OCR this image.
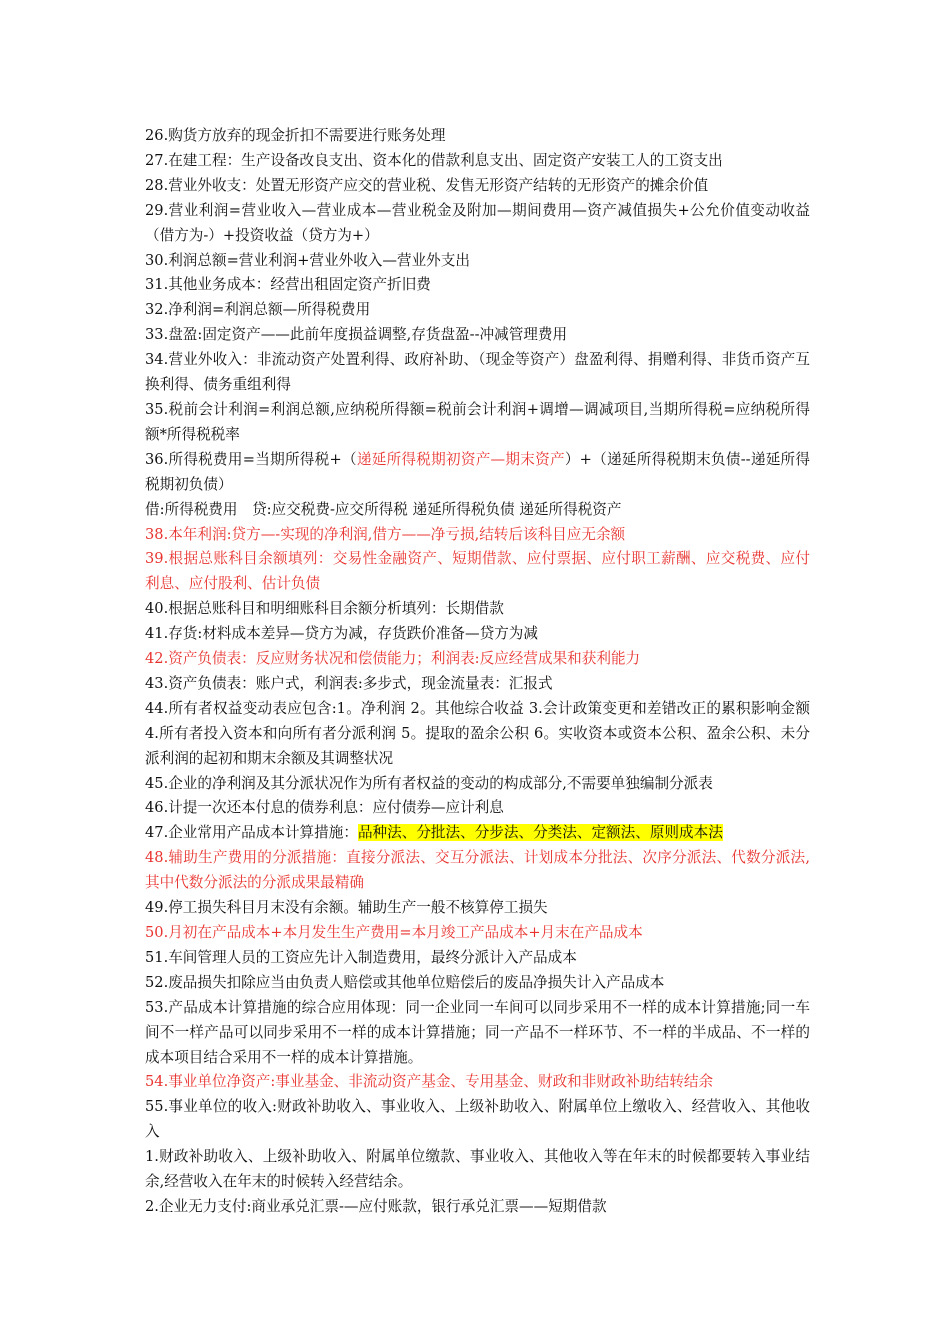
26.购货方放弃的现金折扣不需要进行账务处理

27.在建工程：生产设备改良支出、资本化的借款利息支出、固定资产安装工人的工资支出

28.营业外收支：处置无形资产应交的营业税、发售无形资产结转的无形资产的摊余价值

29.营业利润=营业收入—营业成本—营业税金及附加—期间费用—资产减值损失+公允价值变动收益（借方为-）+投资收益（贷方为+）

30.利润总额=营业利润+营业外收入—营业外支出

31.其他业务成本：经营出租固定资产折旧费

32.净利润=利润总额—所得税费用

33.盘盈:固定资产——此前年度损益调整,存货盘盈--冲减管理费用

34.营业外收入：非流动资产处置利得、政府补助、（现金等资产）盘盈利得、捐赠利得、非货币资产互换利得、债务重组利得

35.税前会计利润=利润总额,应纳税所得额=税前会计利润+调增—调减项目,当期所得税=应纳税所得额*所得税税率

36.所得税费用=当期所得税+（递延所得税期初资产—期末资产）+（递延所得税期末负债--递延所得税期初负债）

借:所得税费用　贷:应交税费-应交所得税 递延所得税负债 递延所得税资产

38.本年利润:贷方—-实现的净利润,借方——净亏损,结转后该科目应无余额

39.根据总账科目余额填列：交易性金融资产、短期借款、应付票据、应付职工薪酬、应交税费、应付利息、应付股利、估计负债

40.根据总账科目和明细账科目余额分析填列：长期借款

41.存货:材料成本差异—贷方为减，存货跌价准备—贷方为减

42.资产负债表：反应财务状况和偿债能力；利润表:反应经营成果和获利能力

43.资产负债表：账户式，利润表:多步式，现金流量表：汇报式

44.所有者权益变动表应包含:1。净利润 2。其他综合收益 3.会计政策变更和差错改正的累积影响金额 4.所有者投入资本和向所有者分派利润 5。提取的盈余公积 6。实收资本或资本公积、盈余公积、未分派利润的起初和期末余额及其调整状况

45.企业的净利润及其分派状况作为所有者权益的变动的构成部分,不需要单独编制分派表

46.计提一次还本付息的债券利息：应付债券—应计利息

47.企业常用产品成本计算措施：品种法、分批法、分步法、分类法、定额法、原则成本法

48.辅助生产费用的分派措施：直接分派法、交互分派法、计划成本分批法、次序分派法、代数分派法,其中代数分派法的分派成果最精确

49.停工损失科目月末没有余额。辅助生产一般不核算停工损失

50.月初在产品成本+本月发生生产费用=本月竣工产品成本+月末在产品成本

51.车间管理人员的工资应先计入制造费用，最终分派计入产品成本

52.废品损失扣除应当由负责人赔偿或其他单位赔偿后的废品净损失计入产品成本

53.产品成本计算措施的综合应用体现：同一企业同一车间可以同步采用不一样的成本计算措施;同一车间不一样产品可以同步采用不一样的成本计算措施；同一产品不一样环节、不一样的半成品、不一样的成本项目结合采用不一样的成本计算措施。

54.事业单位净资产:事业基金、非流动资产基金、专用基金、财政和非财政补助结转结余

55.事业单位的收入:财政补助收入、事业收入、上级补助收入、附属单位上缴收入、经营收入、其他收入

1.财政补助收入、上级补助收入、附属单位缴款、事业收入、其他收入等在年末的时候都要转入事业结余,经营收入在年末的时候转入经营结余。

2.企业无力支付:商业承兑汇票-—应付账款，银行承兑汇票——短期借款
